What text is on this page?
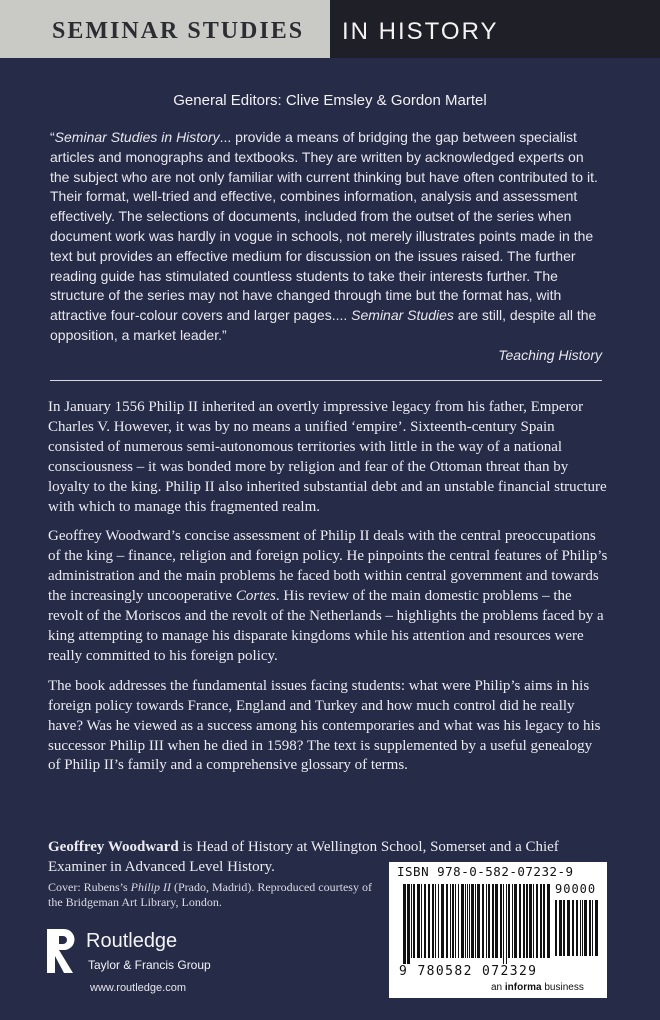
SEMINAR STUDIES IN HISTORY
General Editors: Clive Emsley & Gordon Martel
“Seminar Studies in History... provide a means of bridging the gap between specialist articles and monographs and textbooks. They are written by acknowledged experts on the subject who are not only familiar with current thinking but have often contributed to it. Their format, well-tried and effective, combines information, analysis and assessment effectively. The selections of documents, included from the outset of the series when document work was hardly in vogue in schools, not merely illustrates points made in the text but provides an effective medium for discussion on the issues raised. The further reading guide has stimulated countless students to take their interests further. The structure of the series may not have changed through time but the format has, with attractive four-colour covers and larger pages.... Seminar Studies are still, despite all the opposition, a market leader.”
Teaching History

In January 1556 Philip II inherited an overtly impressive legacy from his father, Emperor Charles V. However, it was by no means a unified ‘empire’. Sixteenth-century Spain consisted of numerous semi-autonomous territories with little in the way of a national consciousness – it was bonded more by religion and fear of the Ottoman threat than by loyalty to the king. Philip II also inherited substantial debt and an unstable financial structure with which to manage this fragmented realm.

Geoffrey Woodward’s concise assessment of Philip II deals with the central preoccupations of the king – finance, religion and foreign policy. He pinpoints the central features of Philip’s administration and the main problems he faced both within central government and towards the increasingly uncooperative Cortes. His review of the main domestic problems – the revolt of the Moriscos and the revolt of the Netherlands – highlights the problems faced by a king attempting to manage his disparate kingdoms while his attention and resources were really committed to his foreign policy.

The book addresses the fundamental issues facing students: what were Philip’s aims in his foreign policy towards France, England and Turkey and how much control did he really have? Was he viewed as a success among his contemporaries and what was his legacy to his successor Philip III when he died in 1598? The text is supplemented by a useful genealogy of Philip II’s family and a comprehensive glossary of terms.

Geoffrey Woodward is Head of History at Wellington School, Somerset and a Chief Examiner in Advanced Level History.
Cover: Rubens’s Philip II (Prado, Madrid). Reproduced courtesy of the Bridgeman Art Library, London.
Routledge
Taylor & Francis Group
www.routledge.com
ISBN 978-0-582-07232-9
90000
9 780582 072329
an informa business
